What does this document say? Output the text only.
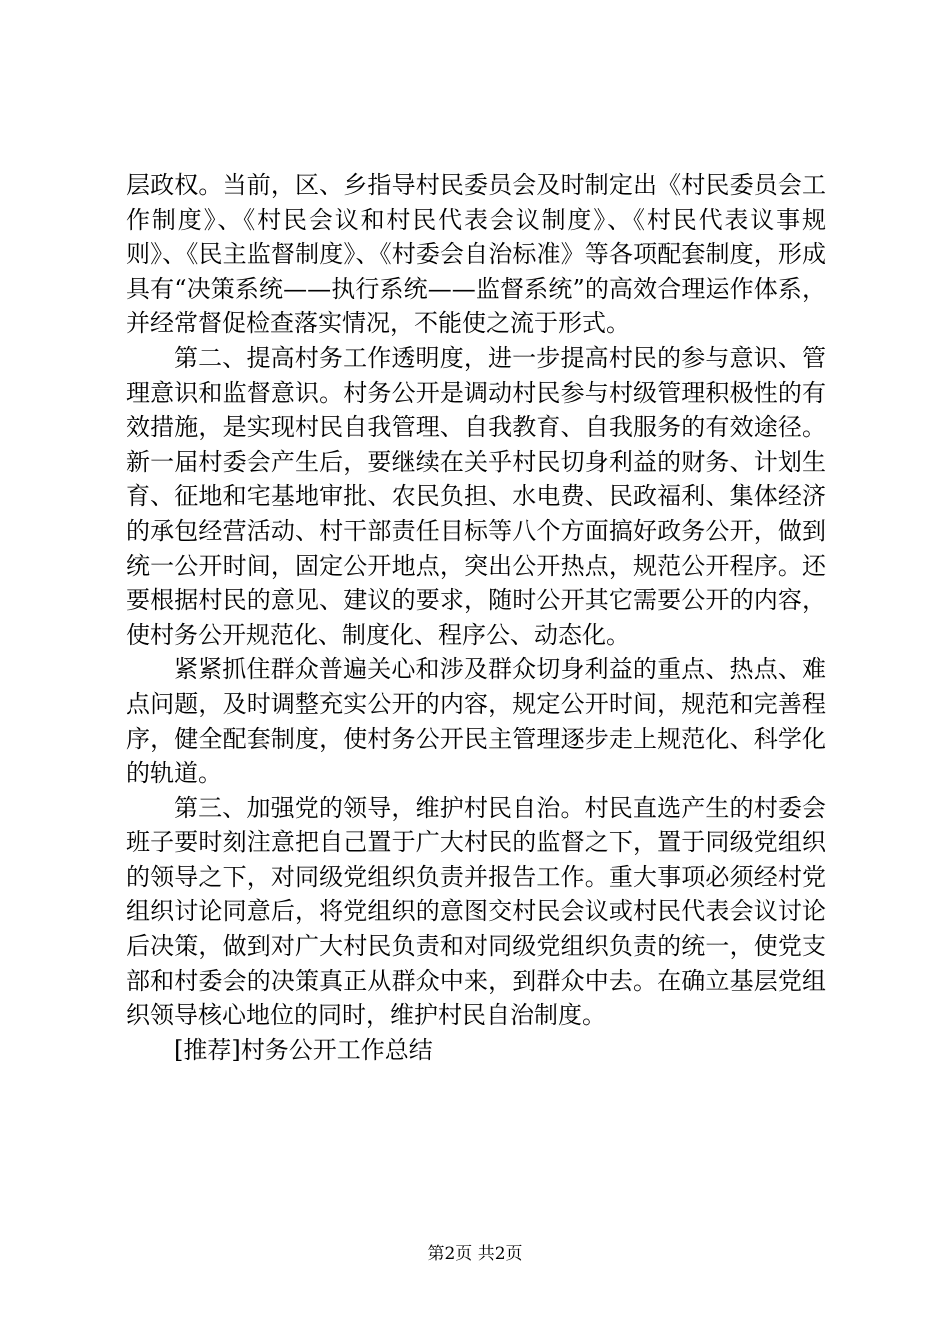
层政权。当前，区、乡指导村民委员会及时制定出《村民委员会工作制度》、《村民会议和村民代表会议制度》、《村民代表议事规则》、《民主监督制度》、《村委会自治标准》等各项配套制度，形成具有“决策系统——执行系统——监督系统”的高效合理运作体系，并经常督促检查落实情况，不能使之流于形式。

第二、提高村务工作透明度，进一步提高村民的参与意识、管理意识和监督意识。村务公开是调动村民参与村级管理积极性的有效措施，是实现村民自我管理、自我教育、自我服务的有效途径。新一届村委会产生后，要继续在关乎村民切身利益的财务、计划生育、征地和宅基地审批、农民负担、水电费、民政福利、集体经济的承包经营活动、村干部责任目标等八个方面搞好政务公开，做到统一公开时间，固定公开地点，突出公开热点，规范公开程序。还要根据村民的意见、建议的要求，随时公开其它需要公开的内容，使村务公开规范化、制度化、程序公、动态化。

紧紧抓住群众普遍关心和涉及群众切身利益的重点、热点、难点问题，及时调整充实公开的内容，规定公开时间，规范和完善程序，健全配套制度，使村务公开民主管理逐步走上规范化、科学化的轨道。

第三、加强党的领导，维护村民自治。村民直选产生的村委会班子要时刻注意把自己置于广大村民的监督之下，置于同级党组织的领导之下，对同级党组织负责并报告工作。重大事项必须经村党组织讨论同意后，将党组织的意图交村民会议或村民代表会议讨论后决策，做到对广大村民负责和对同级党组织负责的统一，使党支部和村委会的决策真正从群众中来，到群众中去。在确立基层党组织领导核心地位的同时，维护村民自治制度。

[推荐]村务公开工作总结

第2页 共2页
